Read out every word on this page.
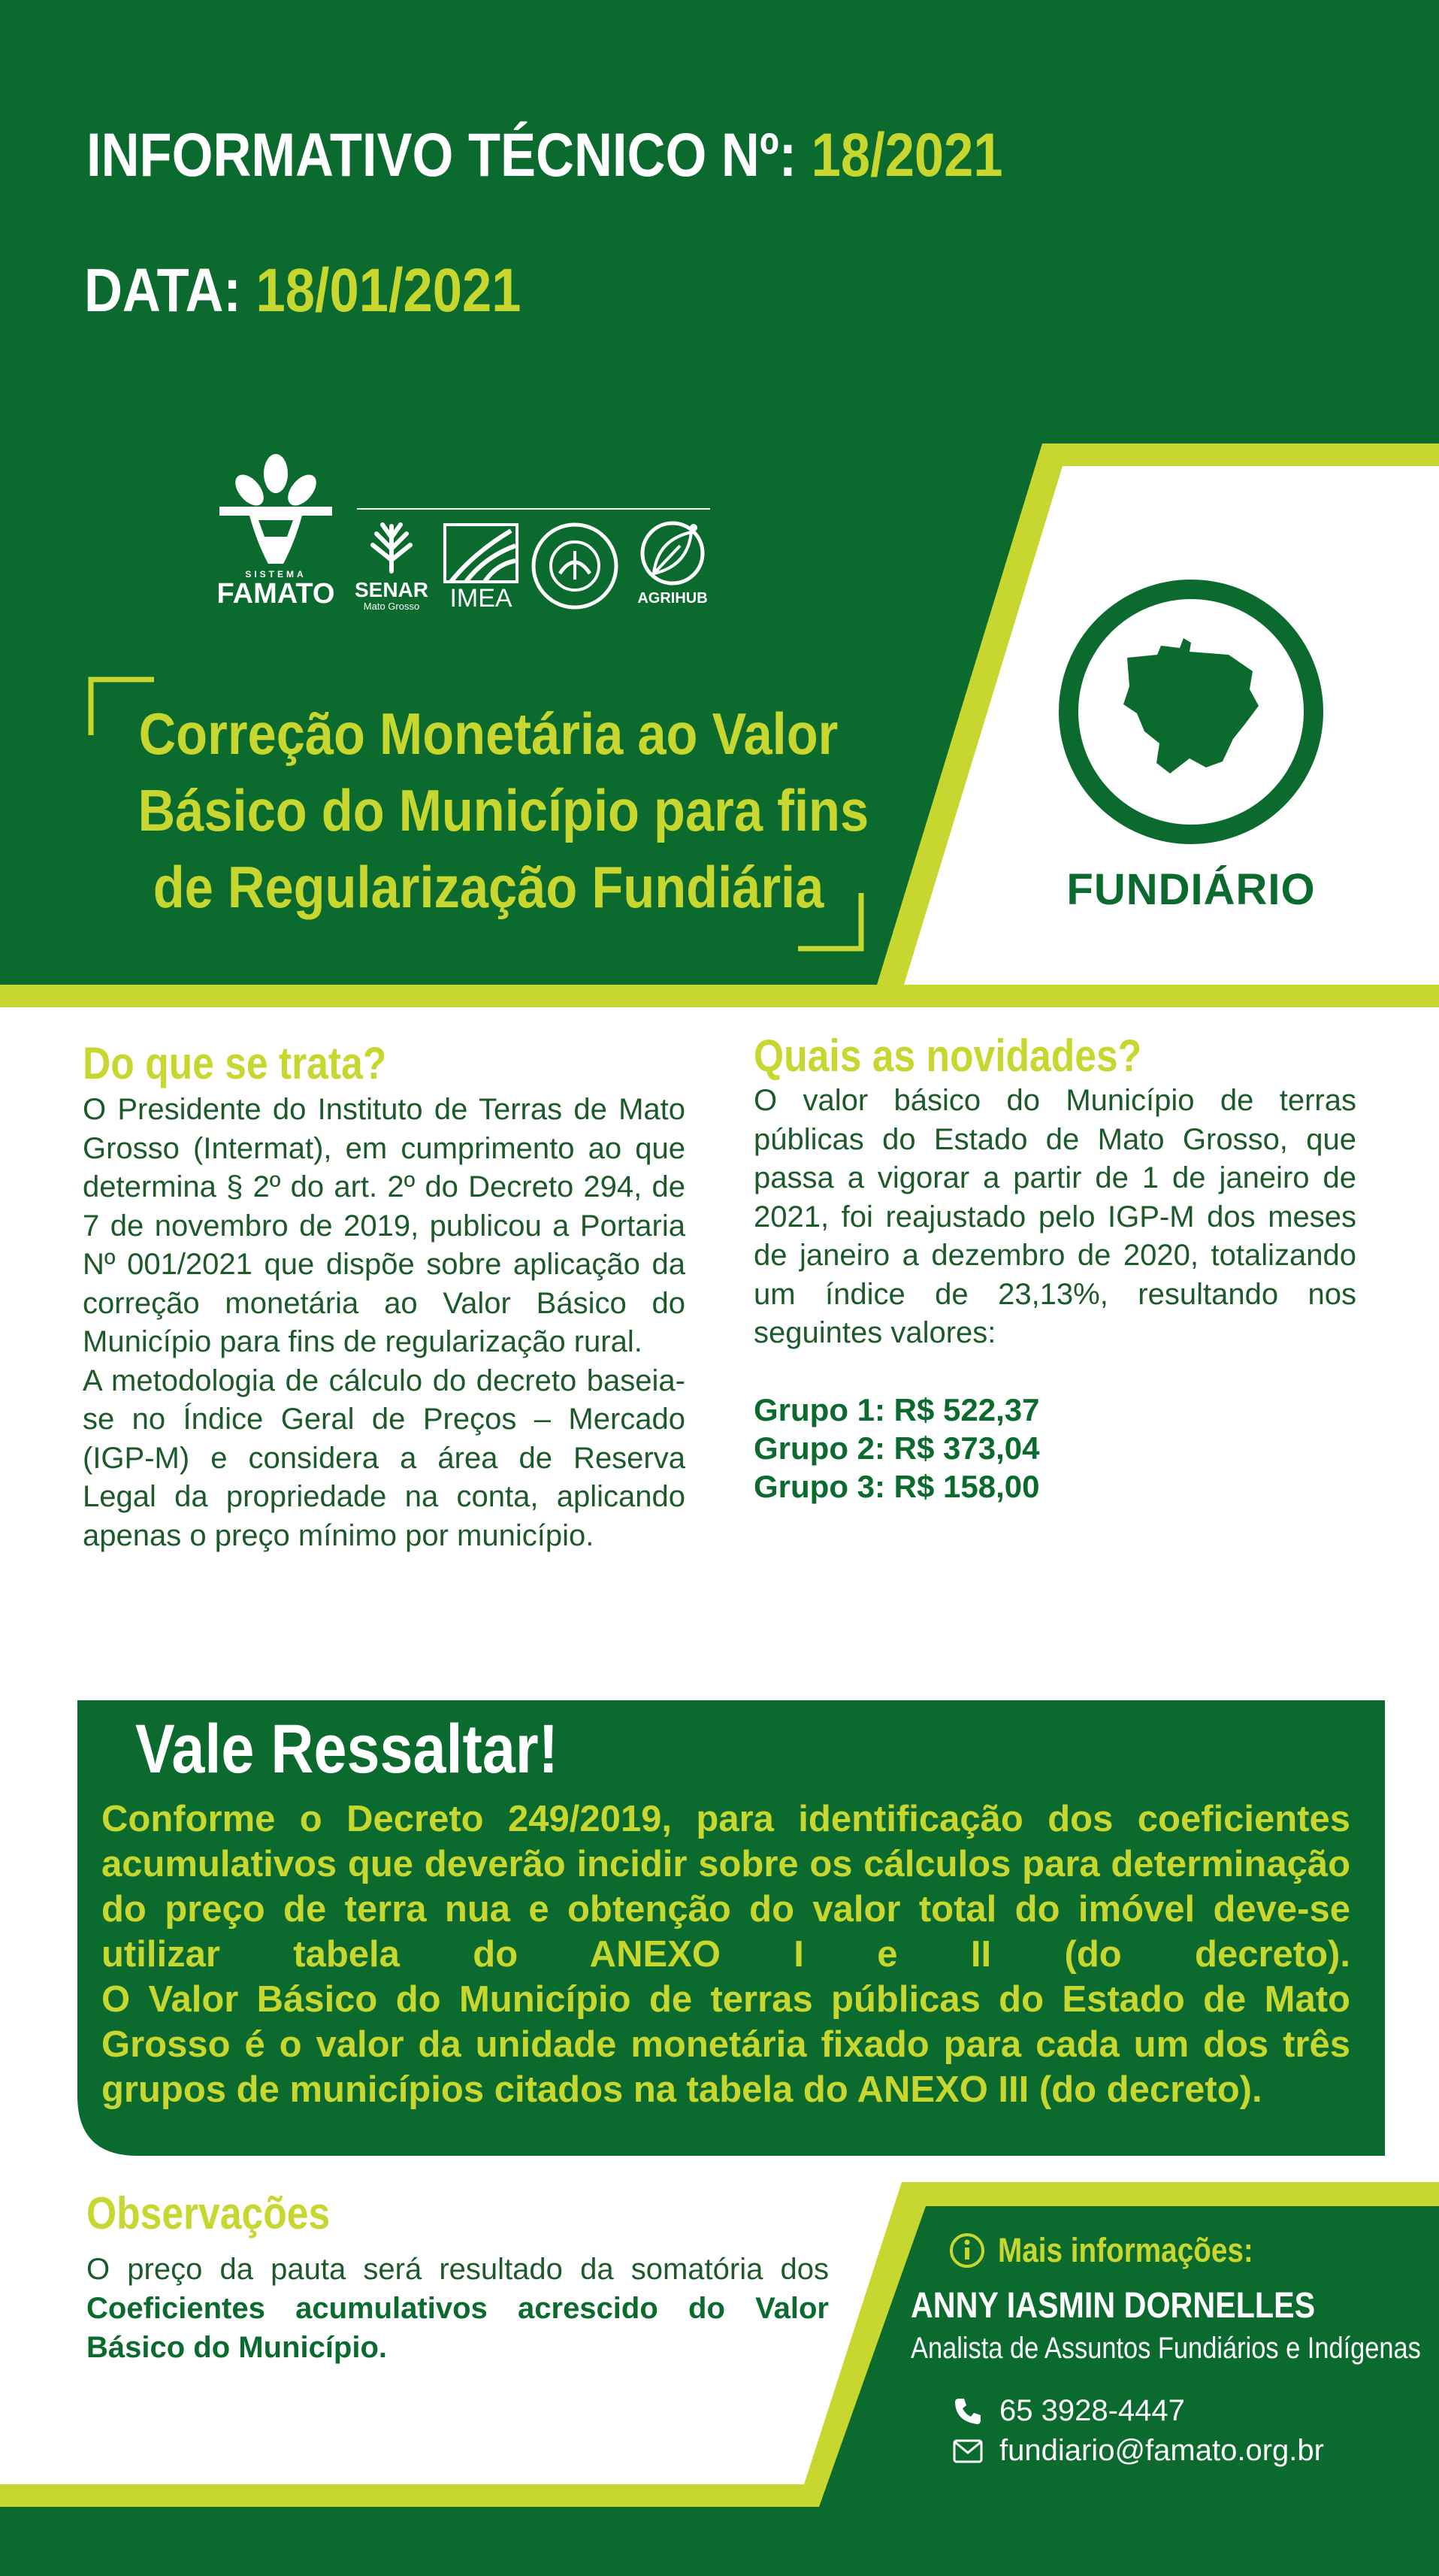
INFORMATIVO TÉCNICO Nº: 18/2021
DATA: 18/01/2021
SISTEMA
FAMATO SENAR
Mato Grosso	IMEA	AGRIHUB
Correção Monetária ao Valor
Básico do Município para fins
de Regularização Fundiária	FUNDIÁRIO
Do que se trata?

O Presidente do Instituto de Terras de Mato Grosso (Intermat), em cumprimento ao que determina § 2º do art. 2º do Decreto 294, de 7 de novembro de 2019, publicou a Portaria Nº 001/2021 que dispõe sobre aplicação da correção monetária ao Valor Básico do Município para fins de regularização rural.

A metodologia de cálculo do decreto baseia-se no Índice Geral de Preços – Mercado (IGP-M) e considera a área de Reserva Legal da propriedade na conta, aplicando apenas o preço mínimo por município.

Quais as novidades?
O valor básico do Município de terras públicas do Estado de Mato Grosso, que passa a vigorar a partir de 1 de janeiro de 2021, foi reajustado pelo IGP-M dos meses de janeiro a dezembro de 2020, totalizando um índice de 23,13%, resultando nos seguintes valores:
Grupo 1: R$ 522,37
Grupo 2: R$ 373,04
Grupo 3: R$ 158,00
Vale Ressaltar!

Conforme o Decreto 249/2019, para identificação dos coeficientes acumulativos que deverão incidir sobre os cálculos para determinação do preço de terra nua e obtenção do valor total do imóvel deve-se utilizar tabela do ANEXO I e II (do decreto).

O Valor Básico do Município de terras públicas do Estado de Mato Grosso é o valor da unidade monetária fixado para cada um dos três grupos de municípios citados na tabela do ANEXO III (do decreto).

Observações
O preço da pauta será resultado da somatória dos Coeficientes acumulativos acrescido do Valor Básico do Município.
Mais informações:
ANNY IASMIN DORNELLES
Analista de Assuntos Fundiários e Indígenas
65 3928-4447
fundiario@famato.org.br
